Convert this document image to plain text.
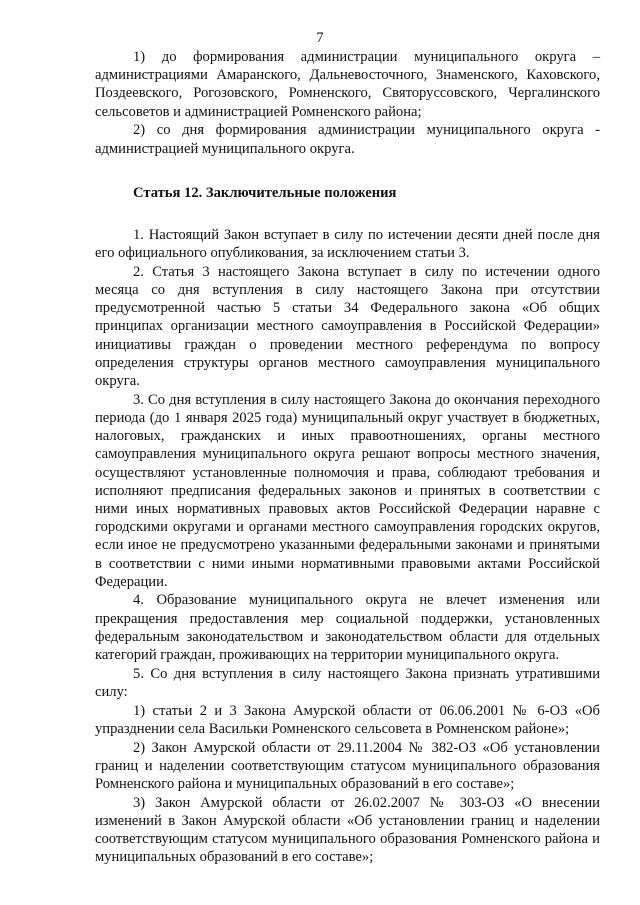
7

1) до формирования администрации муниципального округа – администрациями Амаранского, Дальневосточного, Знаменского, Каховского, Поздеевского, Рогозовского, Ромненского, Святоруссовского, Чергалинского сельсоветов и администрацией Ромненского района;

2) со дня формирования администрации муниципального округа - администрацией муниципального округа.

Статья 12. Заключительные положения

1. Настоящий Закон вступает в силу по истечении десяти дней после дня его официального опубликования, за исключением статьи 3.

2. Статья 3 настоящего Закона вступает в силу по истечении одного месяца со дня вступления в силу настоящего Закона при отсутствии предусмотренной частью 5 статьи 34 Федерального закона «Об общих принципах организации местного самоуправления в Российской Федерации» инициативы граждан о проведении местного референдума по вопросу определения структуры органов местного самоуправления муниципального округа.

3. Со дня вступления в силу настоящего Закона до окончания переходного периода (до 1 января 2025 года) муниципальный округ участвует в бюджетных, налоговых, гражданских и иных правоотношениях, органы местного самоуправления муниципального округа решают вопросы местного значения, осуществляют установленные полномочия и права, соблюдают требования и исполняют предписания федеральных законов и принятых в соответствии с ними иных нормативных правовых актов Российской Федерации наравне с городскими округами и органами местного самоуправления городских округов, если иное не предусмотрено указанными федеральными законами и принятыми в соответствии с ними иными нормативными правовыми актами Российской Федерации.

4. Образование муниципального округа не влечет изменения или прекращения предоставления мер социальной поддержки, установленных федеральным законодательством и законодательством области для отдельных категорий граждан, проживающих на территории муниципального округа.

5. Со дня вступления в силу настоящего Закона признать утратившими силу:

1) статьи 2 и 3 Закона Амурской области от 06.06.2001 № 6-ОЗ «Об упразднении села Васильки Ромненского сельсовета в Ромненском районе»;

2) Закон Амурской области от 29.11.2004 № 382-ОЗ «Об установлении границ и наделении соответствующим статусом муниципального образования Ромненского района и муниципальных образований в его составе»;

3) Закон Амурской области от 26.02.2007 № 303-ОЗ «О внесении изменений в Закон Амурской области «Об установлении границ и наделении соответствующим статусом муниципального образования Ромненского района и муниципальных образований в его составе»;
